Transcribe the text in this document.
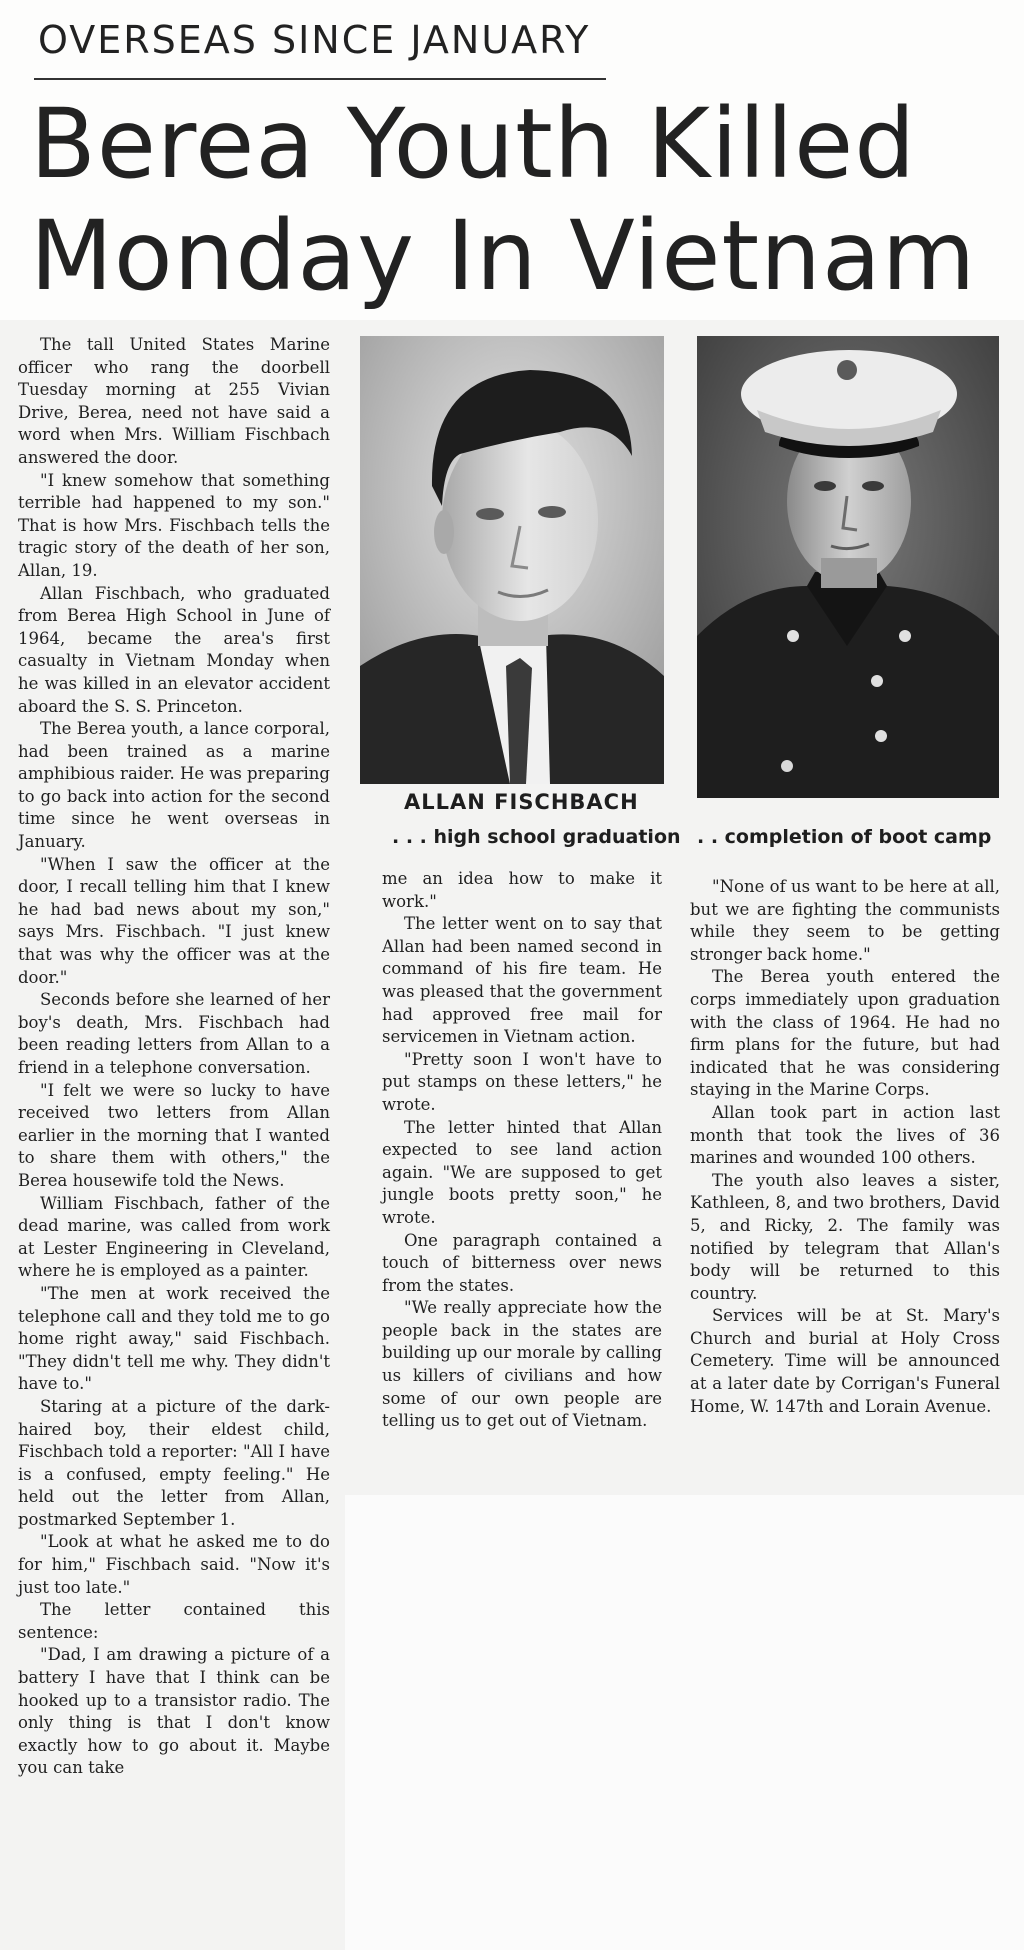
OVERSEAS SINCE JANUARY
Berea Youth Killed
Monday In Vietnam

The tall United States Marine officer who rang the doorbell Tuesday morning at 255 Vivian Drive, Berea, need not have said a word when Mrs. William Fischbach answered the door.

"I knew somehow that something terrible had happened to my son." That is how Mrs. Fischbach tells the tragic story of the death of her son, Allan, 19.

Allan Fischbach, who graduated from Berea High School in June of 1964, became the area's first casualty in Vietnam Monday when he was killed in an elevator accident aboard the S. S. Princeton.

The Berea youth, a lance corporal, had been trained as a marine amphibious raider. He was preparing to go back into action for the second time since he went overseas in January.

"When I saw the officer at the door, I recall telling him that I knew he had bad news about my son," says Mrs. Fischbach. "I just knew that was why the officer was at the door."

Seconds before she learned of her boy's death, Mrs. Fischbach had been reading letters from Allan to a friend in a telephone conversation.

"I felt we were so lucky to have received two letters from Allan earlier in the morning that I wanted to share them with others," the Berea housewife told the News.

William Fischbach, father of the dead marine, was called from work at Lester Engineering in Cleveland, where he is employed as a painter.

"The men at work received the telephone call and they told me to go home right away," said Fischbach. "They didn't tell me why. They didn't have to."

Staring at a picture of the dark-haired boy, their eldest child, Fischbach told a reporter: "All I have is a confused, empty feeling." He held out the letter from Allan, postmarked September 1.

"Look at what he asked me to do for him," Fischbach said. "Now it's just too late."

The letter contained this sentence:

"Dad, I am drawing a picture of a battery I have that I think can be hooked up to a transistor radio. The only thing is that I don't know exactly how to go about it. Maybe you can take

ALLAN FISCHBACH
. . . high school graduation . . completion of boot camp

me an idea how to make it work."

The letter went on to say that Allan had been named second in command of his fire team. He was pleased that the government had approved free mail for servicemen in Vietnam action.

"Pretty soon I won't have to put stamps on these letters," he wrote.

The letter hinted that Allan expected to see land action again. "We are supposed to get jungle boots pretty soon," he wrote.

One paragraph contained a touch of bitterness over news from the states.

"We really appreciate how the people back in the states are building up our morale by calling us killers of civilians and how some of our own people are telling us to get out of Vietnam.

"None of us want to be here at all, but we are fighting the communists while they seem to be getting stronger back home."

The Berea youth entered the corps immediately upon graduation with the class of 1964. He had no firm plans for the future, but had indicated that he was considering staying in the Marine Corps.

Allan took part in action last month that took the lives of 36 marines and wounded 100 others.

The youth also leaves a sister, Kathleen, 8, and two brothers, David 5, and Ricky, 2. The family was notified by telegram that Allan's body will be returned to this country.

Services will be at St. Mary's Church and burial at Holy Cross Cemetery. Time will be announced at a later date by Corrigan's Funeral Home, W. 147th and Lorain Avenue.
